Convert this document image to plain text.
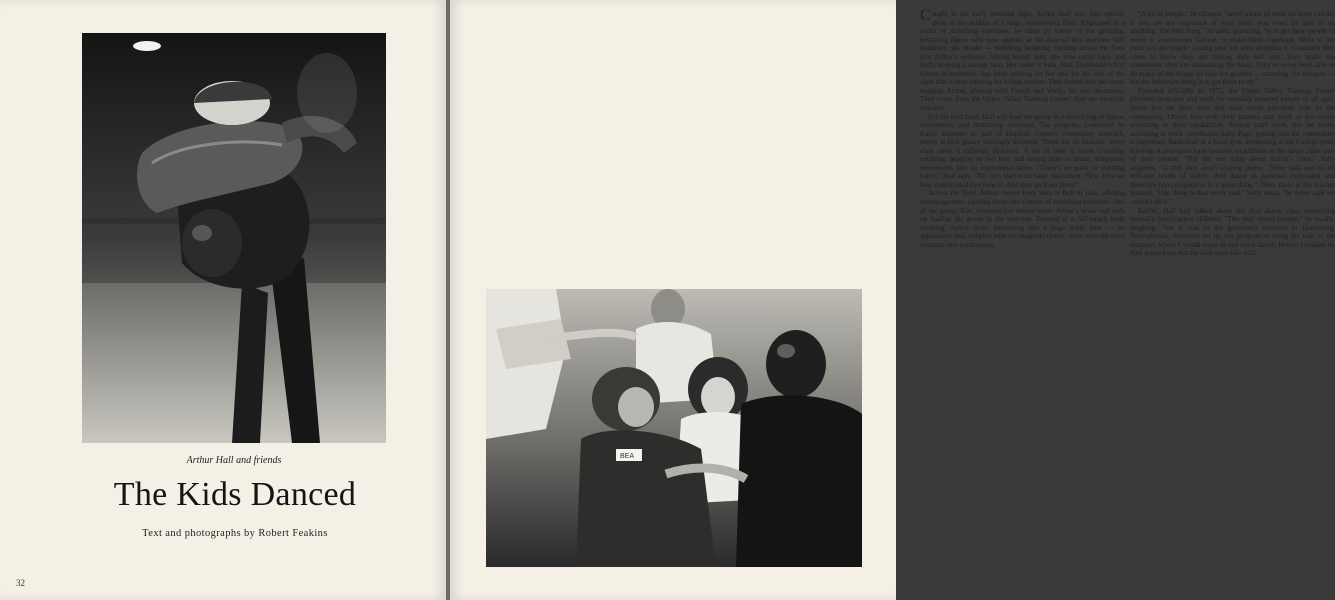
Arthur Hall and friends
The Kids Danced
Text and photographs by Robert Feakins
32

Caught in the early morning light, Arthur Hall sits, legs spread, alone in the middle of a huge, shimmering floor. Engrossed in a series of stretching exercises, he takes no notice of the grinning, hesitating figure who now appears at the door of this spacious hall. Suddenly, she breaks — hobbling, laughing, running across the floor into Arthur's embrace. Sitting beside him, she now rocks back and forth, keeping a strange beat. Her name is Sara. Hall, Dartmouth's first dancer-in-residence, has been waiting for her and for the rest of the class that is now arriving for a final session. They bound into the room, hugging Arthur, playing with Farrell and Wally, his two drummers. They come from the Upper Valley Training Center; they are mentally retarded.

For the next hour, Hall will lead the group in a mixed bag of dance, movements, and drumming exercises. The program, conceived by Kathy Hammer as part of Hopkins Center's community outreach, seems at first glance strikingly informal. There are no leotards; every class takes a different direction. A lot of time is spent crawling, counting, hopping on two feet, and raising arms to heads, integrating movements into an impromptu dance. "There's no point in teaching ballet," Hall says. "No, let's start with basic movement. First, let's see how coordinated everyone is. And then go from there."

Across the floor, Arthur moves from Sara to Bob to Jack, offering encouragement, cajoling them into a series of stretching exercises. One of the group, Ken, hesitates but relents under Arthur's smile and ends up leading the group in the exercise. Dressed in a full-length body stocking, Arthur looks something like a huge teddy bear — an appearance that, coupled with his magnetic charm, turns even the most reluctant into participants.

"A lot of people," he charges, "aren't aware of what the body can do. If you are not cognizant of your body, you won't be able to do anything. The best thing," he adds, gesturing, "is to get these people to move in a conscious fashion, to make them cognizant. Most of my exercises are simple: raising your left arm, dropping it. Gradually they come to know they are raising their left arm. They make the connection, they are stimulating the brain. They've never been able to do many of the things we take for granted — crawling, for instance — but the important thing is to get them to try."

Founded officially in 1971, the Upper Valley Training Center provides programs and work for mentally retarded people of all ages. Some live on their own and hold down part-time jobs in the community. Others live with their parents and work at the center according to their capabilities. Several can't work, but for them, according to work coordinator Sally Page, getting into the community is important. Basketball at a local gym, swimming at the College pool, bowling at area lanes have become, in addition to the dance class, part of their routine. "But the one thing about Arthur's class," Sally suggests, "is that they aren't scoring points. These kids are on all different levels of ability. And dance as personal expression and therefore non-competitive is a great thing." Then, there is the teacher himself. "One thing Arthur never said," Sally notes, "he never said we couldn't do it."

Earlier, Hall had talked about his first dance class instructing mentally handicapped children. "This may sound strange," he recalls, laughing, "but it was in the governor's mansion in Harrisburg, Pennsylvania. Someone set up this program to bring the kids to the mansion, where I would come in and teach dance. Before I walked in, they warned me that the kids were like wild

33
BEA
